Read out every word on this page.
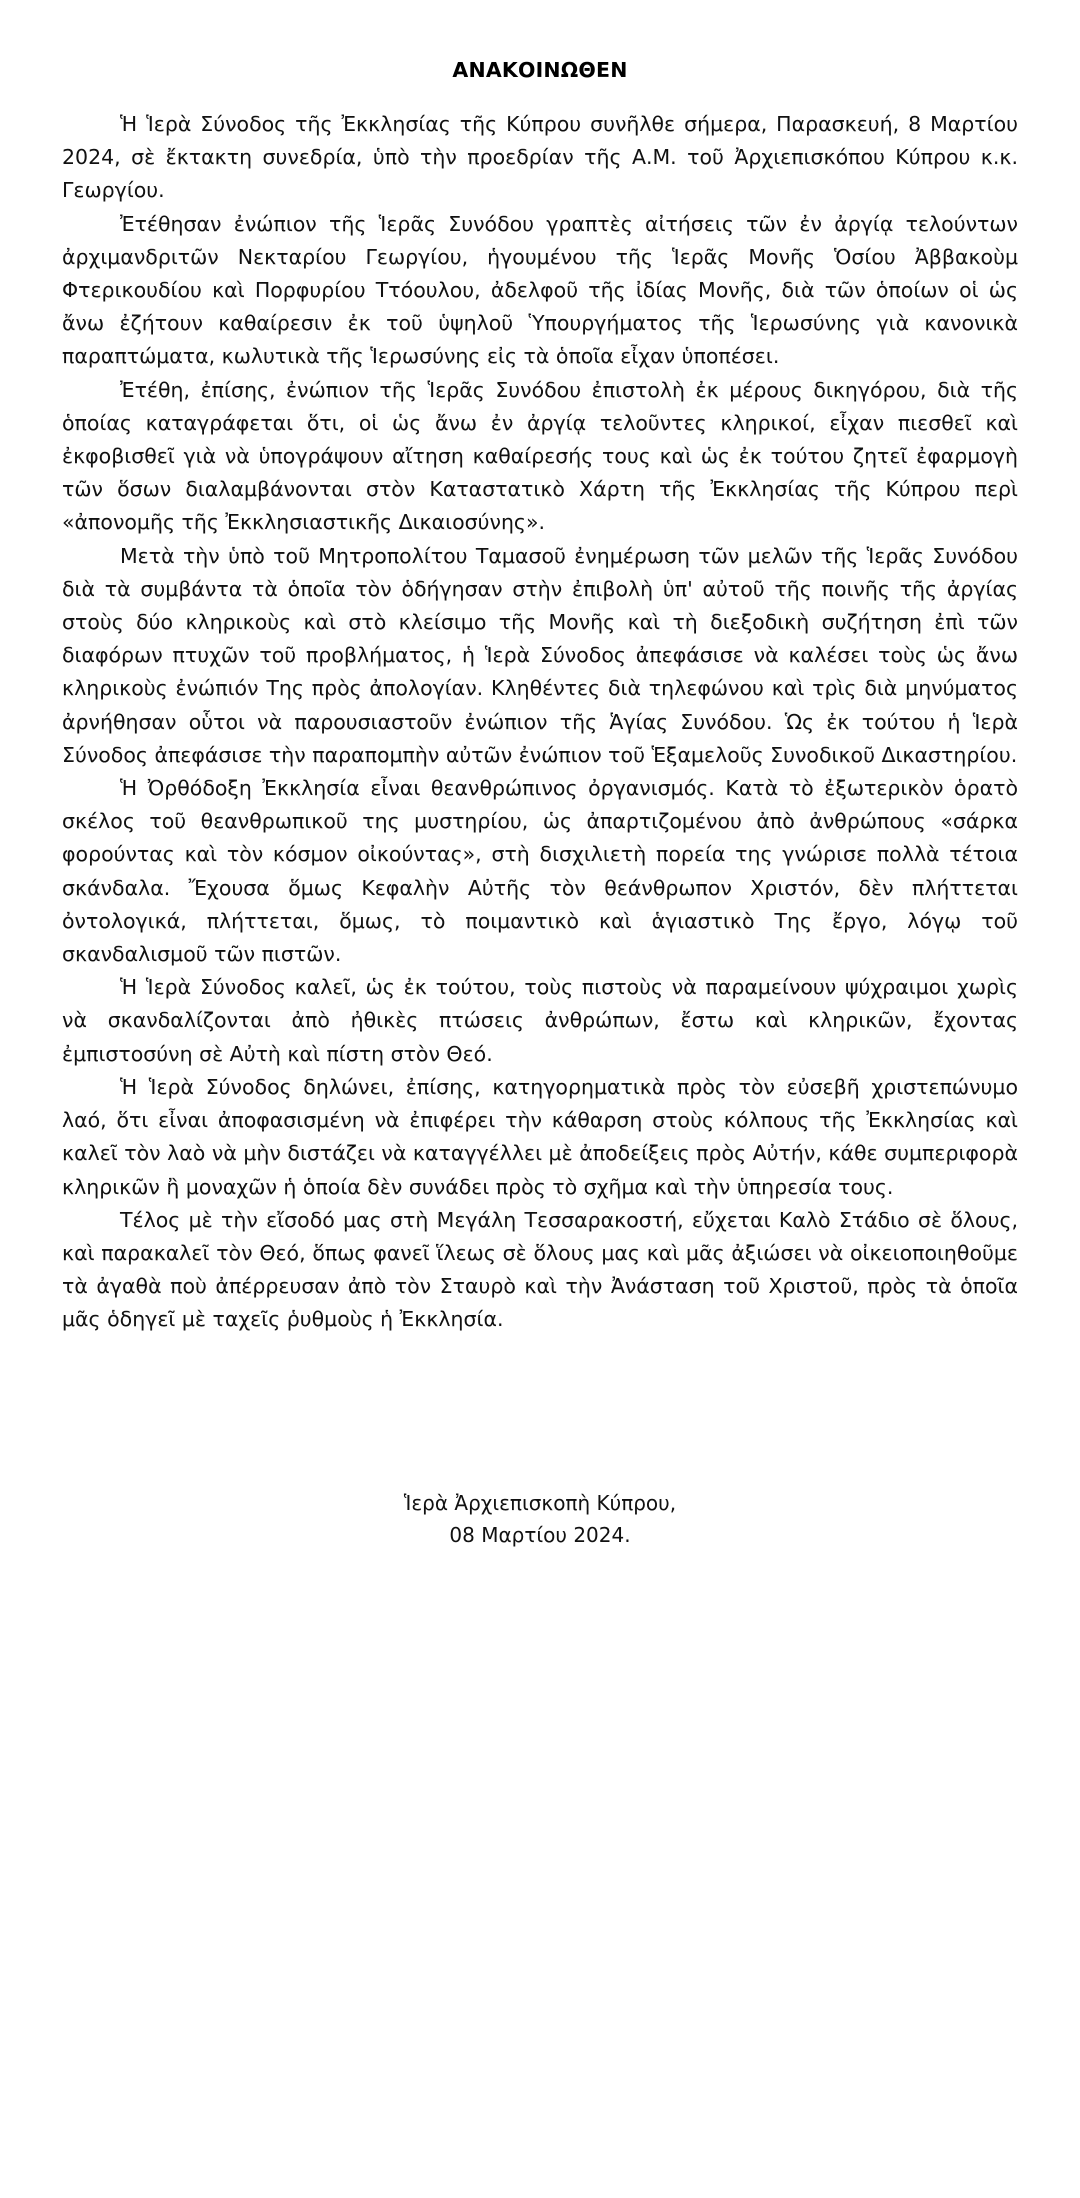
ΑΝΑΚΟΙΝΩΘΕΝ

Ἡ Ἱερὰ Σύνοδος τῆς Ἐκκλησίας τῆς Κύπρου συνῆλθε σήμερα, Παρασκευή, 8 Μαρτίου 2024, σὲ ἔκτακτη συνεδρία, ὑπὸ τὴν προεδρίαν τῆς Α.Μ. τοῦ Ἀρχιεπισκόπου Κύπρου κ.κ. Γεωργίου.

Ἐτέθησαν ἐνώπιον τῆς Ἱερᾶς Συνόδου γραπτὲς αἰτήσεις τῶν ἐν ἀργίᾳ τελούντων ἀρχιμανδριτῶν Νεκταρίου Γεωργίου, ἡγουμένου τῆς Ἱερᾶς Μονῆς Ὁσίου Ἀββακοὺμ Φτερικουδίου καὶ Πορφυρίου Ττόουλου, ἀδελφοῦ τῆς ἰδίας Μονῆς, διὰ τῶν ὁποίων οἱ ὡς ἄνω ἐζήτουν καθαίρεσιν ἐκ τοῦ ὑψηλοῦ Ὑπουργήματος τῆς Ἱερωσύνης γιὰ κανονικὰ παραπτώματα, κωλυτικὰ τῆς Ἱερωσύνης εἰς τὰ ὁποῖα εἶχαν ὑποπέσει.

Ἐτέθη, ἐπίσης, ἐνώπιον τῆς Ἱερᾶς Συνόδου ἐπιστολὴ ἐκ μέρους δικηγόρου, διὰ τῆς ὁποίας καταγράφεται ὅτι, οἱ ὡς ἄνω ἐν ἀργίᾳ τελοῦντες κληρικοί, εἶχαν πιεσθεῖ καὶ ἐκφοβισθεῖ γιὰ νὰ ὑπογράψουν αἴτηση καθαίρεσής τους καὶ ὡς ἐκ τούτου ζητεῖ ἐφαρμογὴ τῶν ὅσων διαλαμβάνονται στὸν Καταστατικὸ Χάρτη τῆς Ἐκκλησίας τῆς Κύπρου περὶ «ἀπονομῆς τῆς Ἐκκλησιαστικῆς Δικαιοσύνης».

Μετὰ τὴν ὑπὸ τοῦ Μητροπολίτου Ταμασοῦ ἐνημέρωση τῶν μελῶν τῆς Ἱερᾶς Συνόδου διὰ τὰ συμβάντα τὰ ὁποῖα τὸν ὁδήγησαν στὴν ἐπιβολὴ ὑπ' αὐτοῦ τῆς ποινῆς τῆς ἀργίας στοὺς δύο κληρικοὺς καὶ στὸ κλείσιμο τῆς Μονῆς καὶ τὴ διεξοδικὴ συζήτηση ἐπὶ τῶν διαφόρων πτυχῶν τοῦ προβλήματος, ἡ Ἱερὰ Σύνοδος ἀπεφάσισε νὰ καλέσει τοὺς ὡς ἄνω κληρικοὺς ἐνώπιόν Της πρὸς ἀπολογίαν. Κληθέντες διὰ τηλεφώνου καὶ τρὶς διὰ μηνύματος ἀρνήθησαν οὗτοι νὰ παρουσιαστοῦν ἐνώπιον τῆς Ἁγίας Συνόδου. Ὡς ἐκ τούτου ἡ Ἱερὰ Σύνοδος ἀπεφάσισε τὴν παραπομπὴν αὐτῶν ἐνώπιον τοῦ Ἑξαμελοῦς Συνοδικοῦ Δικαστηρίου.

Ἡ Ὀρθόδοξη Ἐκκλησία εἶναι θεανθρώπινος ὀργανισμός. Κατὰ τὸ ἐξωτερικὸν ὁρατὸ σκέλος τοῦ θεανθρωπικοῦ της μυστηρίου, ὡς ἀπαρτιζομένου ἀπὸ ἀνθρώπους «σάρκα φορούντας καὶ τὸν κόσμον οἰκούντας», στὴ δισχιλιετὴ πορεία της γνώρισε πολλὰ τέτοια σκάνδαλα. Ἔχουσα ὅμως Κεφαλὴν Αὐτῆς τὸν θεάνθρωπον Χριστόν, δὲν πλήττεται ὀντολογικά, πλήττεται, ὅμως, τὸ ποιμαντικὸ καὶ ἁγιαστικὸ Της ἔργο, λόγῳ τοῦ σκανδαλισμοῦ τῶν πιστῶν.

Ἡ Ἱερὰ Σύνοδος καλεῖ, ὡς ἐκ τούτου, τοὺς πιστοὺς νὰ παραμείνουν ψύχραιμοι χωρὶς νὰ σκανδαλίζονται ἀπὸ ἠθικὲς πτώσεις ἀνθρώπων, ἔστω καὶ κληρικῶν, ἔχοντας ἐμπιστοσύνη σὲ Αὐτὴ καὶ πίστη στὸν Θεό.

Ἡ Ἱερὰ Σύνοδος δηλώνει, ἐπίσης, κατηγορηματικὰ πρὸς τὸν εὐσεβῆ χριστεπώνυμο λαό, ὅτι εἶναι ἀποφασισμένη νὰ ἐπιφέρει τὴν κάθαρση στοὺς κόλπους τῆς Ἐκκλησίας καὶ καλεῖ τὸν λαὸ νὰ μὴν διστάζει νὰ καταγγέλλει μὲ ἀποδείξεις πρὸς Αὐτήν, κάθε συμπεριφορὰ κληρικῶν ἢ μοναχῶν ἡ ὁποία δὲν συνάδει πρὸς τὸ σχῆμα καὶ τὴν ὑπηρεσία τους.

Τέλος μὲ τὴν εἴσοδό μας στὴ Μεγάλη Τεσσαρακοστή, εὔχεται Καλὸ Στάδιο σὲ ὅλους, καὶ παρακαλεῖ τὸν Θεό, ὅπως φανεῖ ἵλεως σὲ ὅλους μας καὶ μᾶς ἀξιώσει νὰ οἰκειοποιηθοῦμε τὰ ἀγαθὰ ποὺ ἀπέρρευσαν ἀπὸ τὸν Σταυρὸ καὶ τὴν Ἀνάσταση τοῦ Χριστοῦ, πρὸς τὰ ὁποῖα μᾶς ὁδηγεῖ μὲ ταχεῖς ῥυθμοὺς ἡ Ἐκκλησία.

Ἱερὰ Ἀρχιεπισκοπὴ Κύπρου,
08 Μαρτίου 2024.
